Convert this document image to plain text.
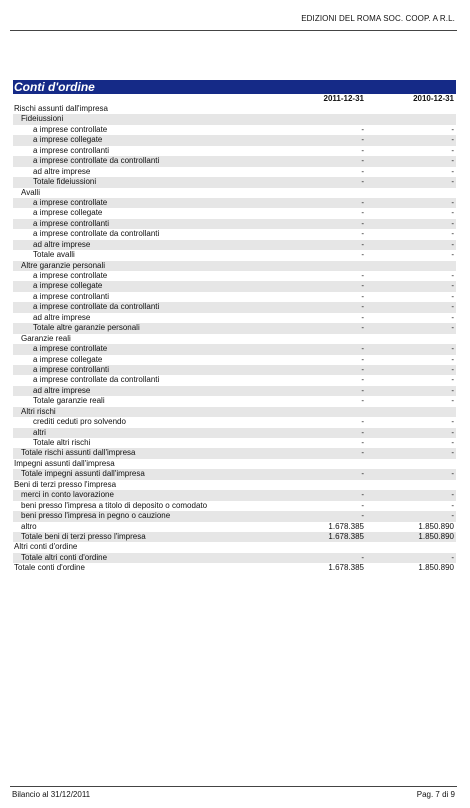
EDIZIONI DEL ROMA SOC. COOP. A R.L.
Conti d'ordine
2011-12-31	2010-12-31
Rischi assunti dall'impresa
Fideiussioni
a imprese controllate	-	-
a imprese collegate	-	-
a imprese controllanti	-	-
a imprese controllate da controllanti	-	-
ad altre imprese	-	-
Totale fideiussioni	-	-
Avalli
a imprese controllate	-	-
a imprese collegate	-	-
a imprese controllanti	-	-
a imprese controllate da controllanti	-	-
ad altre imprese	-	-
Totale avalli	-	-
Altre garanzie personali
a imprese controllate	-	-
a imprese collegate	-	-
a imprese controllanti	-	-
a imprese controllate da controllanti	-	-
ad altre imprese	-	-
Totale altre garanzie personali	-	-
Garanzie reali
a imprese controllate	-	-
a imprese collegate	-	-
a imprese controllanti	-	-
a imprese controllate da controllanti	-	-
ad altre imprese	-	-
Totale garanzie reali	-	-
Altri rischi
crediti ceduti pro solvendo	-	-
altri	-	-
Totale altri rischi	-	-
Totale rischi assunti dall'impresa	-	-
Impegni assunti dall'impresa
Totale impegni assunti dall'impresa	-	-
Beni di terzi presso l'impresa
merci in conto lavorazione	-	-
beni presso l'impresa a titolo di deposito o comodato	-	-
beni presso l'impresa in pegno o cauzione	-	-
altro	1.678.385	1.850.890
Totale beni di terzi presso l'impresa	1.678.385	1.850.890
Altri conti d'ordine
Totale altri conti d'ordine	-	-
Totale conti d'ordine	1.678.385	1.850.890
Bilancio al 31/12/2011	Pag. 7 di 9
